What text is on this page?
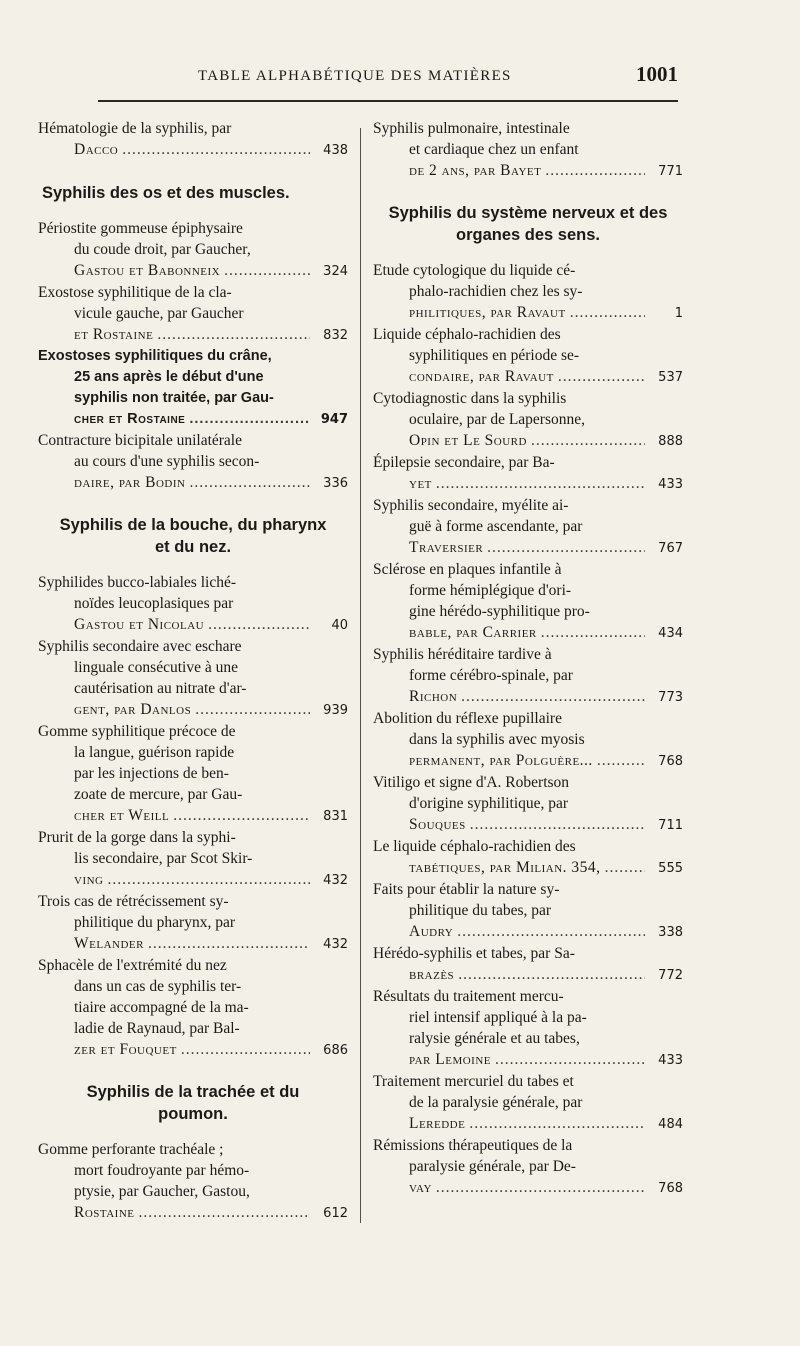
TABLE ALPHABÉTIQUE DES MATIÈRES	1001
Hématologie de la syphilis, par
Dacco .....	438
Syphilis des os et des muscles.
Périostite gommeuse épiphysaire
du coude droit, par Gaucher,
Gastou et Babonneix .....	324
Exostose syphilitique de la cla-
vicule gauche, par Gaucher
et Rostaine .....	832
Exostoses syphilitiques du crâne,
25 ans après le début d'une
syphilis non traitée, par Gau-
cher et Rostaine .....	947
Contracture bicipitale unilatérale
au cours d'une syphilis secon-
daire, par Bodin .....	336
Syphilis de la bouche, du pharynx
et du nez.
Syphilides bucco-labiales liché-
noïdes leucoplasiques par
Gastou et Nicolau .....	40
Syphilis secondaire avec eschare
linguale consécutive à une
cautérisation au nitrate d'ar-
gent, par Danlos .....	939
Gomme syphilitique précoce de
la langue, guérison rapide
par les injections de ben-
zoate de mercure, par Gau-
cher et Weill .....	831
Prurit de la gorge dans la syphi-
lis secondaire, par Scot Skir-
ving .....	432
Trois cas de rétrécissement sy-
philitique du pharynx, par
Welander .....	432
Sphacèle de l'extrémité du nez
dans un cas de syphilis ter-
tiaire accompagné de la ma-
ladie de Raynaud, par Bal-
zer et Fouquet .....	686
Syphilis de la trachée et du
poumon.
Gomme perforante trachéale ;
mort foudroyante par hémo-
ptysie, par Gaucher, Gastou,
Rostaine .....	612
Syphilis pulmonaire, intestinale
et cardiaque chez un enfant
de 2 ans, par Bayet .....	771
Syphilis du système nerveux et des
organes des sens.
Etude cytologique du liquide cé-
phalo-rachidien chez les sy-
philitiques, par Ravaut .....	1
Liquide céphalo-rachidien des
syphilitiques en période se-
condaire, par Ravaut .....	537
Cytodiagnostic dans la syphilis
oculaire, par de Lapersonne,
Opin et Le Sourd .....	888
Épilepsie secondaire, par Ba-
yet .....	433
Syphilis secondaire, myélite ai-
guë à forme ascendante, par
Traversier .....	767
Sclérose en plaques infantile à
forme hémiplégique d'ori-
gine hérédo-syphilitique pro-
bable, par Carrier .....	434
Syphilis héréditaire tardive à
forme cérébro-spinale, par
Richon .....	773
Abolition du réflexe pupillaire
dans la syphilis avec myosis
permanent, par Polguère... .....	768
Vitiligo et signe d'A. Robertson
d'origine syphilitique, par
Souques .....	711
Le liquide céphalo-rachidien des
tabétiques, par Milian. 354, .....	555
Faits pour établir la nature sy-
philitique du tabes, par
Audry .....	338
Hérédo-syphilis et tabes, par Sa-
brazès .....	772
Résultats du traitement mercu-
riel intensif appliqué à la pa-
ralysie générale et au tabes,
par Lemoine .....	433
Traitement mercuriel du tabes et
de la paralysie générale, par
Leredde .....	484
Rémissions thérapeutiques de la
paralysie générale, par De-
vay .....	768
